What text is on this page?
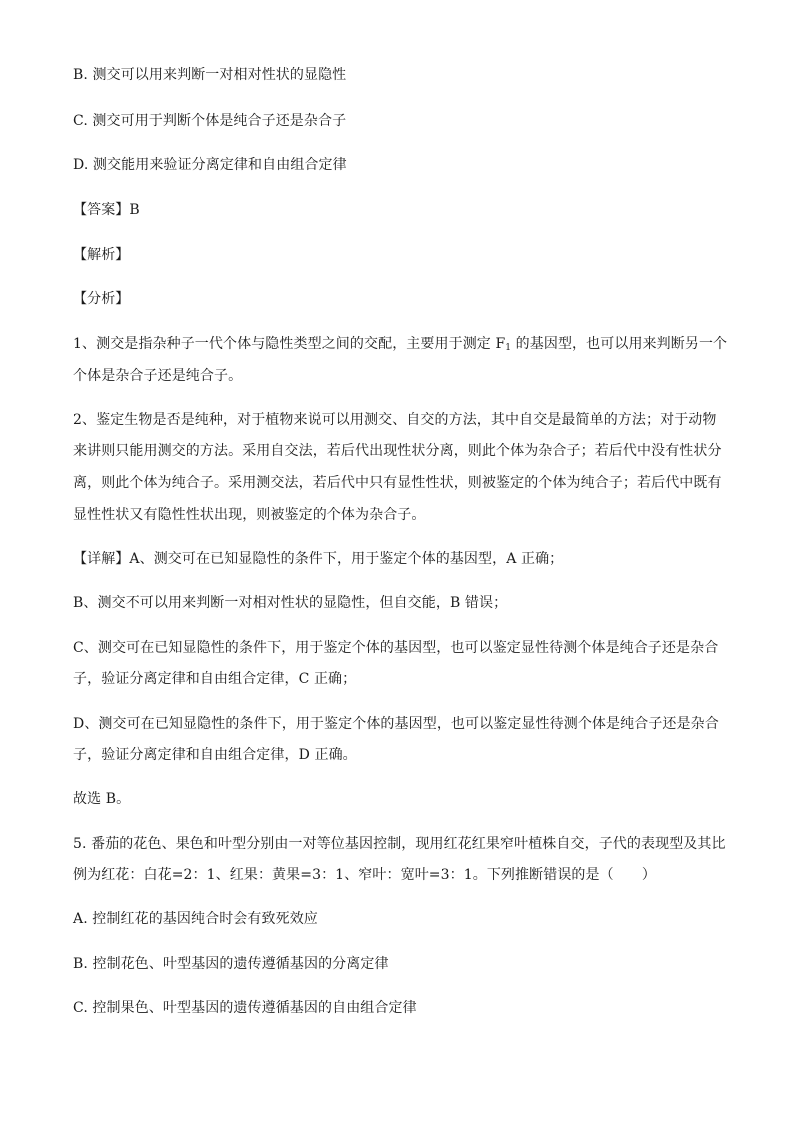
B. 测交可以用来判断一对相对性状的显隐性
C. 测交可用于判断个体是纯合子还是杂合子
D. 测交能用来验证分离定律和自由组合定律
【答案】B
【解析】
【分析】
1、测交是指杂种子一代个体与隐性类型之间的交配，主要用于测定 $F_1$ 的基因型，也可以用来判断另一个
个体是杂合子还是纯合子。
2、鉴定生物是否是纯种，对于植物来说可以用测交、自交的方法，其中自交是最简单的方法；对于动物
来讲则只能用测交的方法。采用自交法，若后代出现性状分离，则此个体为杂合子；若后代中没有性状分
离，则此个体为纯合子。采用测交法，若后代中只有显性性状，则被鉴定的个体为纯合子；若后代中既有
显性性状又有隐性性状出现，则被鉴定的个体为杂合子。
【详解】A、测交可在已知显隐性的条件下，用于鉴定个体的基因型，A 正确；
B、测交不可以用来判断一对相对性状的显隐性，但自交能，B 错误；
C、测交可在已知显隐性的条件下，用于鉴定个体的基因型，也可以鉴定显性待测个体是纯合子还是杂合
子，验证分离定律和自由组合定律，C 正确；
D、测交可在已知显隐性的条件下，用于鉴定个体的基因型，也可以鉴定显性待测个体是纯合子还是杂合
子，验证分离定律和自由组合定律，D 正确。
故选 B。
5. 番茄的花色、果色和叶型分别由一对等位基因控制，现用红花红果窄叶植株自交，子代的表现型及其比
例为红花：白花=2：1、红果：黄果=3：1、窄叶：宽叶=3：1。下列推断错误的是（　　）
A. 控制红花的基因纯合时会有致死效应
B. 控制花色、叶型基因的遗传遵循基因的分离定律
C. 控制果色、叶型基因的遗传遵循基因的自由组合定律
